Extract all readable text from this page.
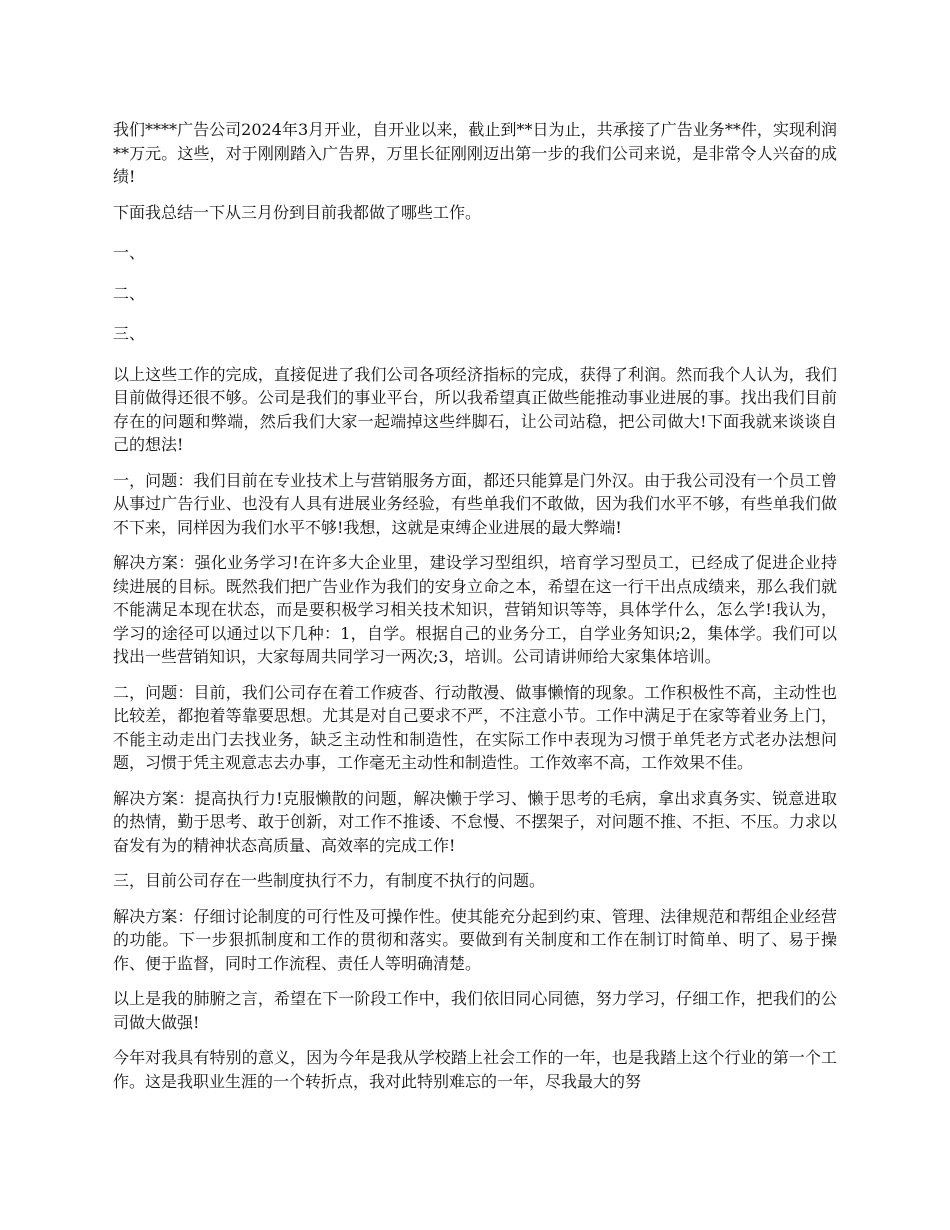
我们****广告公司2024年3月开业，自开业以来，截止到**日为止，共承接了广告业务**件，实现利润**万元。这些，对于刚刚踏入广告界，万里长征刚刚迈出第一步的我们公司来说，是非常令人兴奋的成绩!

下面我总结一下从三月份到目前我都做了哪些工作。

一、

二、

三、

以上这些工作的完成，直接促进了我们公司各项经济指标的完成，获得了利润。然而我个人认为，我们目前做得还很不够。公司是我们的事业平台，所以我希望真正做些能推动事业进展的事。找出我们目前存在的问题和弊端，然后我们大家一起端掉这些绊脚石，让公司站稳，把公司做大!下面我就来谈谈自己的想法!

一，问题：我们目前在专业技术上与营销服务方面，都还只能算是门外汉。由于我公司没有一个员工曾从事过广告行业、也没有人具有进展业务经验，有些单我们不敢做，因为我们水平不够，有些单我们做不下来，同样因为我们水平不够!我想，这就是束缚企业进展的最大弊端!

解决方案：强化业务学习!在许多大企业里，建设学习型组织，培育学习型员工，已经成了促进企业持续进展的目标。既然我们把广告业作为我们的安身立命之本，希望在这一行干出点成绩来，那么我们就不能满足本现在状态，而是要积极学习相关技术知识，营销知识等等，具体学什么，怎么学!我认为，学习的途径可以通过以下几种：1，自学。根据自己的业务分工，自学业务知识;2，集体学。我们可以找出一些营销知识，大家每周共同学习一两次;3，培训。公司请讲师给大家集体培训。

二，问题：目前，我们公司存在着工作疲沓、行动散漫、做事懒惰的现象。工作积极性不高，主动性也比较差，都抱着等靠要思想。尤其是对自己要求不严，不注意小节。工作中满足于在家等着业务上门，不能主动走出门去找业务，缺乏主动性和制造性，在实际工作中表现为习惯于单凭老方式老办法想问题，习惯于凭主观意志去办事，工作毫无主动性和制造性。工作效率不高，工作效果不佳。

解决方案：提高执行力!克服懒散的问题，解决懒于学习、懒于思考的毛病，拿出求真务实、锐意进取的热情，勤于思考、敢于创新，对工作不推诿、不怠慢、不摆架子，对问题不推、不拒、不压。力求以奋发有为的精神状态高质量、高效率的完成工作!

三，目前公司存在一些制度执行不力，有制度不执行的问题。

解决方案：仔细讨论制度的可行性及可操作性。使其能充分起到约束、管理、法律规范和帮组企业经营的功能。下一步狠抓制度和工作的贯彻和落实。要做到有关制度和工作在制订时简单、明了、易于操作、便于监督，同时工作流程、责任人等明确清楚。

以上是我的肺腑之言，希望在下一阶段工作中，我们依旧同心同德，努力学习，仔细工作，把我们的公司做大做强!

今年对我具有特别的意义，因为今年是我从学校踏上社会工作的一年，也是我踏上这个行业的第一个工作。这是我职业生涯的一个转折点，我对此特别难忘的一年，尽我最大的努
